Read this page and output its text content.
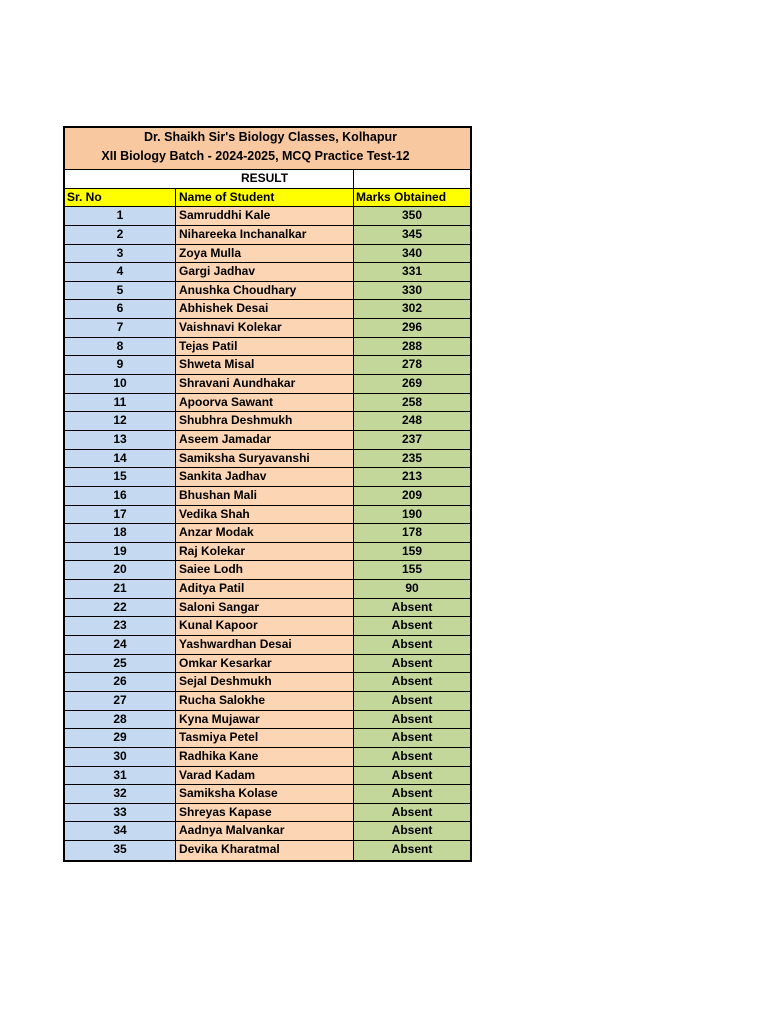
Dr. Shaikh Sir's Biology Classes, Kolhapur
XII Biology Batch - 2024-2025, MCQ Practice Test-12
RESULT
Sr. No	Name of Student	Marks Obtained
1	Samruddhi Kale	350
2	Nihareeka Inchanalkar	345
3	Zoya Mulla	340
4	Gargi Jadhav	331
5	Anushka Choudhary	330
6	Abhishek Desai	302
7	Vaishnavi Kolekar	296
8	Tejas Patil	288
9	Shweta Misal	278
10	Shravani Aundhakar	269
11	Apoorva Sawant	258
12	Shubhra Deshmukh	248
13	Aseem Jamadar	237
14	Samiksha Suryavanshi	235
15	Sankita Jadhav	213
16	Bhushan Mali	209
17	Vedika Shah	190
18	Anzar Modak	178
19	Raj Kolekar	159
20	Saiee Lodh	155
21	Aditya Patil	90
22	Saloni Sangar	Absent
23	Kunal Kapoor	Absent
24	Yashwardhan Desai	Absent
25	Omkar Kesarkar	Absent
26	Sejal Deshmukh	Absent
27	Rucha Salokhe	Absent
28	Kyna Mujawar	Absent
29	Tasmiya Petel	Absent
30	Radhika Kane	Absent
31	Varad Kadam	Absent
32	Samiksha Kolase	Absent
33	Shreyas Kapase	Absent
34	Aadnya Malvankar	Absent
35	Devika Kharatmal	Absent
